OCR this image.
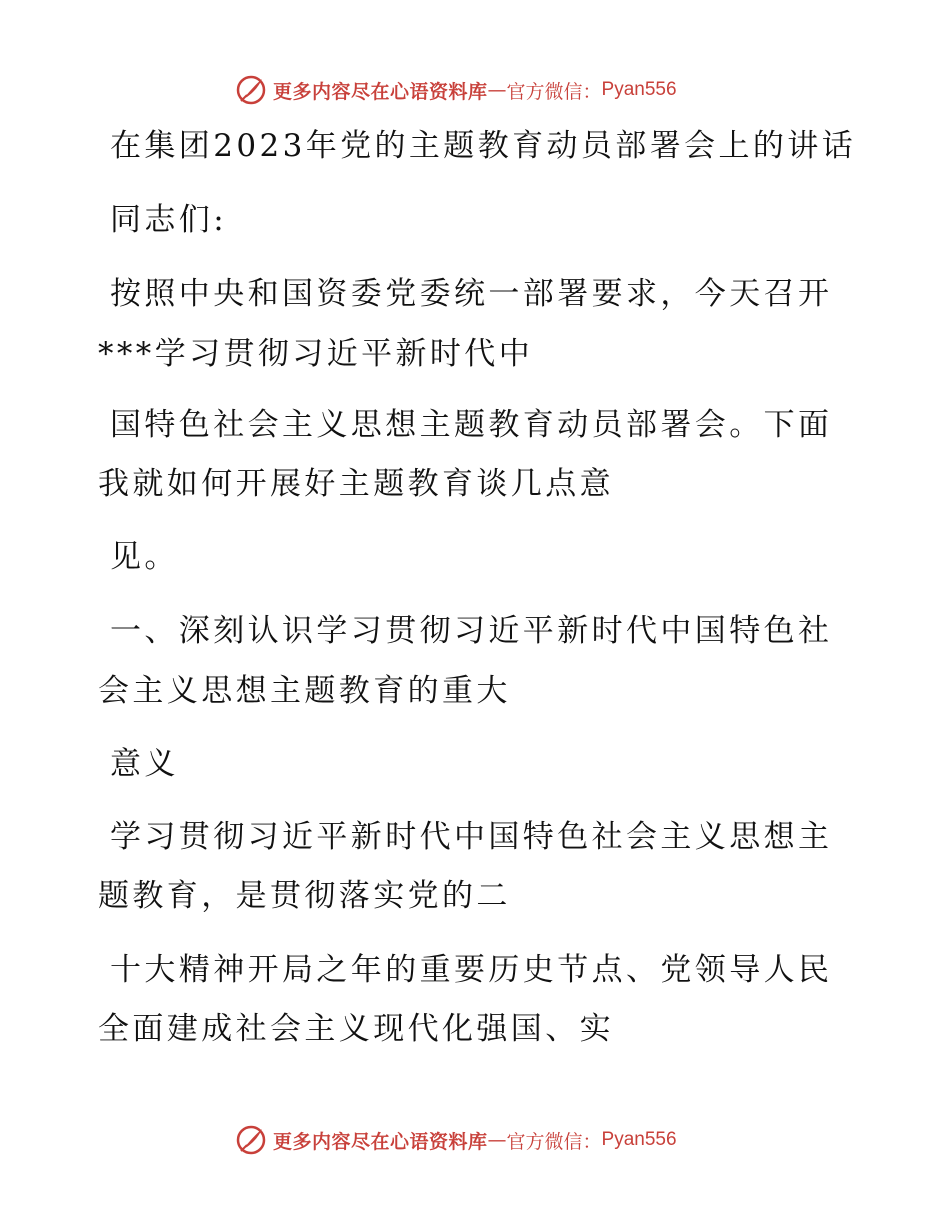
更多内容尽在心语资料库 — 官方微信： Pyan556
在集团2023年党的主题教育动员部署会上的讲话
同志们:
按照中央和国资委党委统一部署要求，今天召开
***学习贯彻习近平新时代中
国特色社会主义思想主题教育动员部署会。下面
我就如何开展好主题教育谈几点意
见。
一、深刻认识学习贯彻习近平新时代中国特色社
会主义思想主题教育的重大
意义
学习贯彻习近平新时代中国特色社会主义思想主
题教育，是贯彻落实党的二
十大精神开局之年的重要历史节点、党领导人民
全面建成社会主义现代化强国、实
更多内容尽在心语资料库 — 官方微信： Pyan556
